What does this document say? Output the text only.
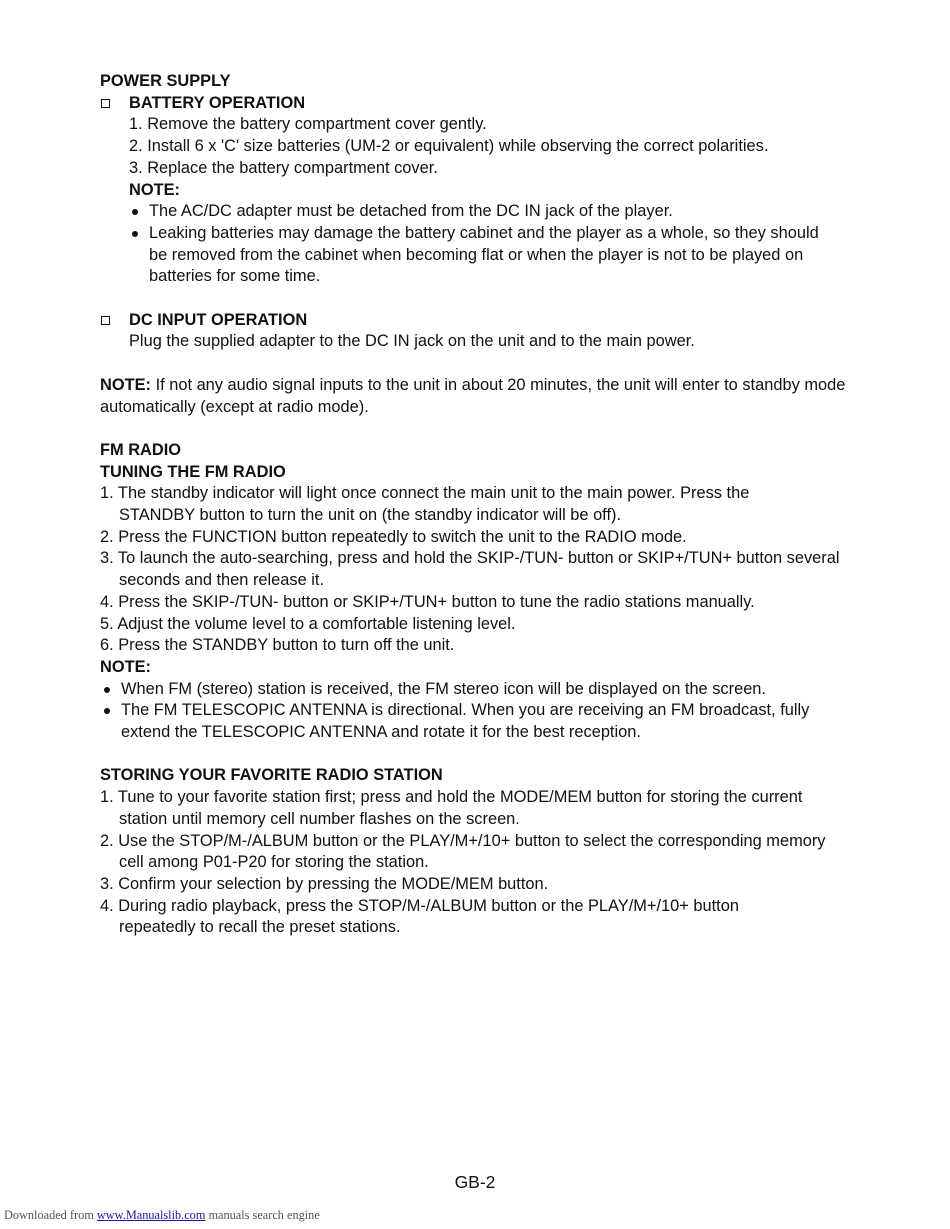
POWER SUPPLY
BATTERY OPERATION
1. Remove the battery compartment cover gently.
2. Install 6 x 'C' size batteries (UM-2 or equivalent) while observing the correct polarities.
3. Replace the battery compartment cover.
NOTE:
The AC/DC adapter must be detached from the DC IN jack of the player.
Leaking batteries may damage the battery cabinet and the player as a whole, so they should be removed from the cabinet when becoming flat or when the player is not to be played on batteries for some time.
DC INPUT OPERATION
Plug the supplied adapter to the DC IN jack on the unit and to the main power.
NOTE: If not any audio signal inputs to the unit in about 20 minutes, the unit will enter to standby mode automatically (except at radio mode).
FM RADIO
TUNING THE FM RADIO
1. The standby indicator will light once connect the main unit to the main power. Press the STANDBY button to turn the unit on (the standby indicator will be off).
2. Press the FUNCTION button repeatedly to switch the unit to the RADIO mode.
3. To launch the auto-searching, press and hold the SKIP-/TUN- button or SKIP+/TUN+ button several seconds and then release it.
4. Press the SKIP-/TUN- button or SKIP+/TUN+ button to tune the radio stations manually.
5. Adjust the volume level to a comfortable listening level.
6. Press the STANDBY button to turn off the unit.
NOTE:
When FM (stereo) station is received, the FM stereo icon will be displayed on the screen.
The FM TELESCOPIC ANTENNA is directional. When you are receiving an FM broadcast, fully extend the TELESCOPIC ANTENNA and rotate it for the best reception.
STORING YOUR FAVORITE RADIO STATION
1. Tune to your favorite station first; press and hold the MODE/MEM button for storing the current station until memory cell number flashes on the screen.
2. Use the STOP/M-/ALBUM button or the PLAY/M+/10+ button to select the corresponding memory cell among P01-P20 for storing the station.
3. Confirm your selection by pressing the MODE/MEM button.
4. During radio playback, press the STOP/M-/ALBUM button or the PLAY/M+/10+ button repeatedly to recall the preset stations.
GB-2
Downloaded from www.Manualslib.com manuals search engine
